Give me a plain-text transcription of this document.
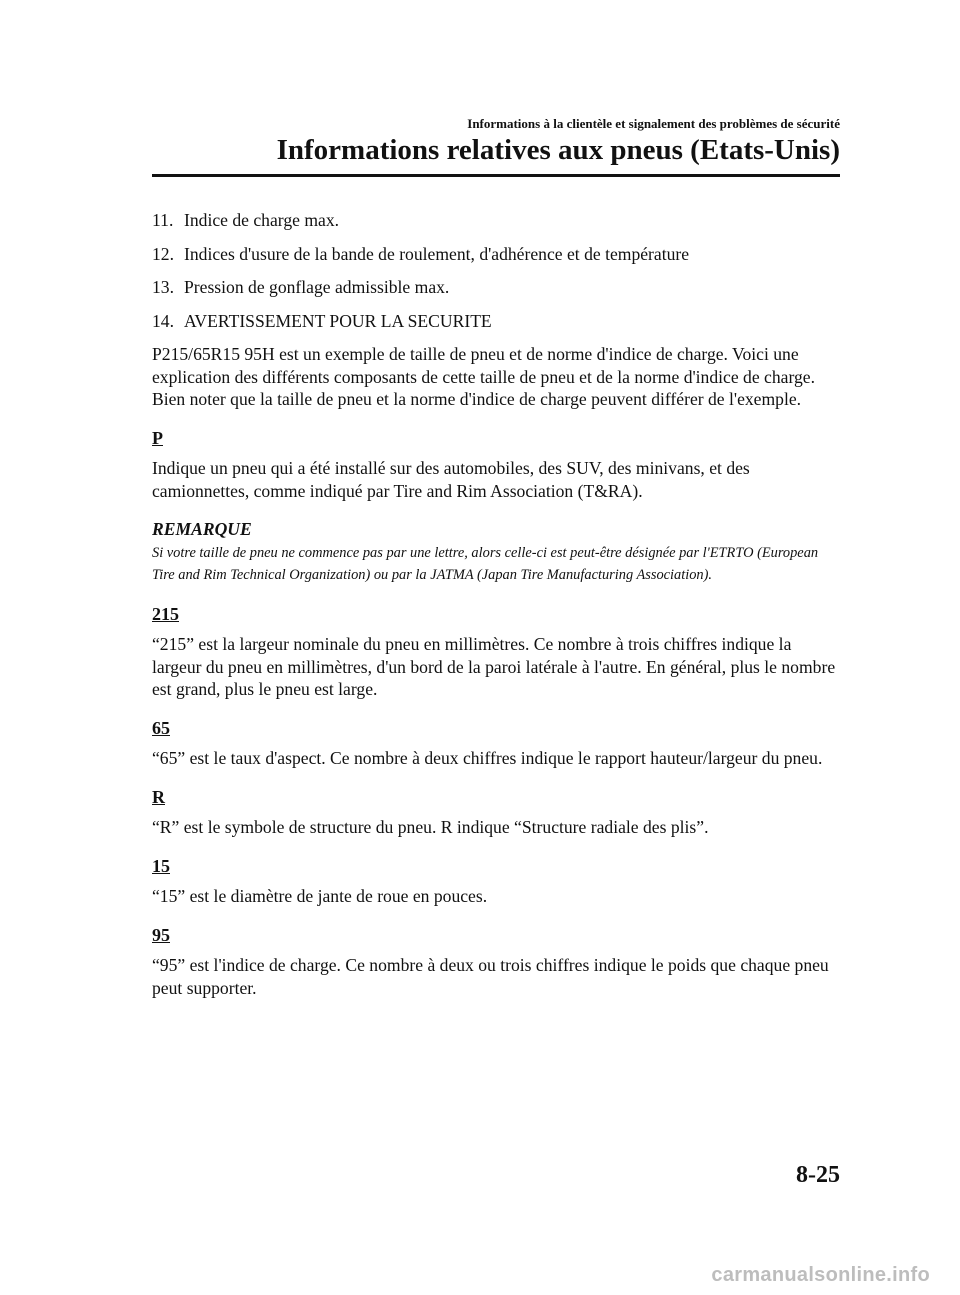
Informations à la clientèle et signalement des problèmes de sécurité
Informations relatives aux pneus (Etats-Unis)
11. Indice de charge max.
12. Indices d'usure de la bande de roulement, d'adhérence et de température
13. Pression de gonflage admissible max.
14. AVERTISSEMENT POUR LA SECURITE

P215/65R15 95H est un exemple de taille de pneu et de norme d'indice de charge. Voici une explication des différents composants de cette taille de pneu et de la norme d'indice de charge. Bien noter que la taille de pneu et la norme d'indice de charge peuvent différer de l'exemple.

P

Indique un pneu qui a été installé sur des automobiles, des SUV, des minivans, et des camionnettes, comme indiqué par Tire and Rim Association (T&RA).

REMARQUE
Si votre taille de pneu ne commence pas par une lettre, alors celle-ci est peut-être désignée par l'ETRTO (European Tire and Rim Technical Organization) ou par la JATMA (Japan Tire Manufacturing Association).
215

“215” est la largeur nominale du pneu en millimètres. Ce nombre à trois chiffres indique la largeur du pneu en millimètres, d'un bord de la paroi latérale à l'autre. En général, plus le nombre est grand, plus le pneu est large.

65

“65” est le taux d'aspect. Ce nombre à deux chiffres indique le rapport hauteur/largeur du pneu.

R

“R” est le symbole de structure du pneu. R indique “Structure radiale des plis”.

15

“15” est le diamètre de jante de roue en pouces.

95

“95” est l'indice de charge. Ce nombre à deux ou trois chiffres indique le poids que chaque pneu peut supporter.

8-25
carmanualsonline.info
